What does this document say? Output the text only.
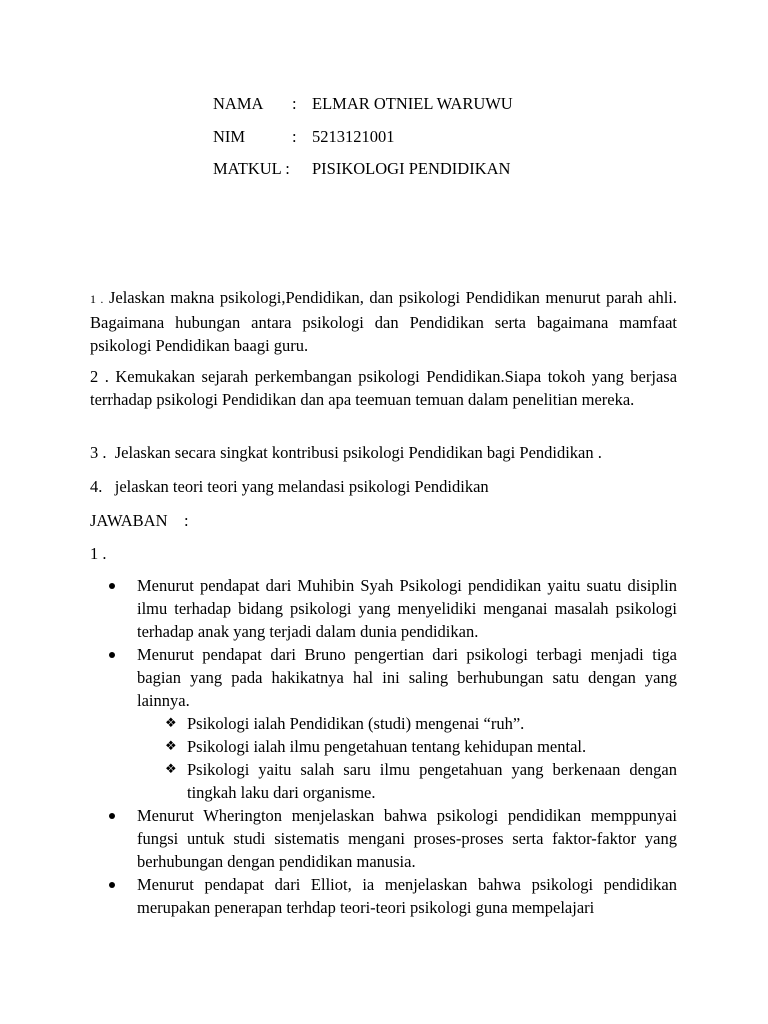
NAMA	: ELMAR OTNIEL WARUWU
NIM	: 5213121001
MATKUL : PISIKOLOGI PENDIDIKAN

1 . Jelaskan makna psikologi,Pendidikan, dan psikologi Pendidikan menurut parah ahli. Bagaimana hubungan antara psikologi dan Pendidikan serta bagaimana mamfaat psikologi Pendidikan baagi guru.

2 . Kemukakan sejarah perkembangan psikologi Pendidikan.Siapa tokoh yang berjasa terrhadap psikologi Pendidikan dan apa teemuan temuan dalam penelitian mereka.

3 .  Jelaskan secara singkat kontribusi psikologi Pendidikan bagi Pendidikan .

4.   jelaskan teori teori yang melandasi psikologi Pendidikan

JAWABAN    :

1 .

Menurut pendapat dari Muhibin Syah Psikologi pendidikan yaitu suatu disiplin ilmu terhadap bidang psikologi yang menyelidiki menganai masalah psikologi terhadap anak yang terjadi dalam dunia pendidikan.
Menurut pendapat dari Bruno pengertian dari psikologi terbagi menjadi tiga bagian yang pada hakikatnya hal ini saling berhubungan satu dengan yang lainnya.
❖ Psikologi ialah Pendidikan (studi) mengenai “ruh”.
❖ Psikologi ialah ilmu pengetahuan tentang kehidupan mental.
❖ Psikologi yaitu salah saru ilmu pengetahuan yang berkenaan dengan tingkah laku dari organisme.
Menurut Wherington menjelaskan bahwa psikologi pendidikan memppunyai fungsi untuk studi sistematis mengani proses-proses serta faktor-faktor yang berhubungan dengan pendidikan manusia.
Menurut pendapat dari Elliot, ia menjelaskan bahwa psikologi pendidikan merupakan penerapan terhdap teori-teori psikologi guna mempelajari
